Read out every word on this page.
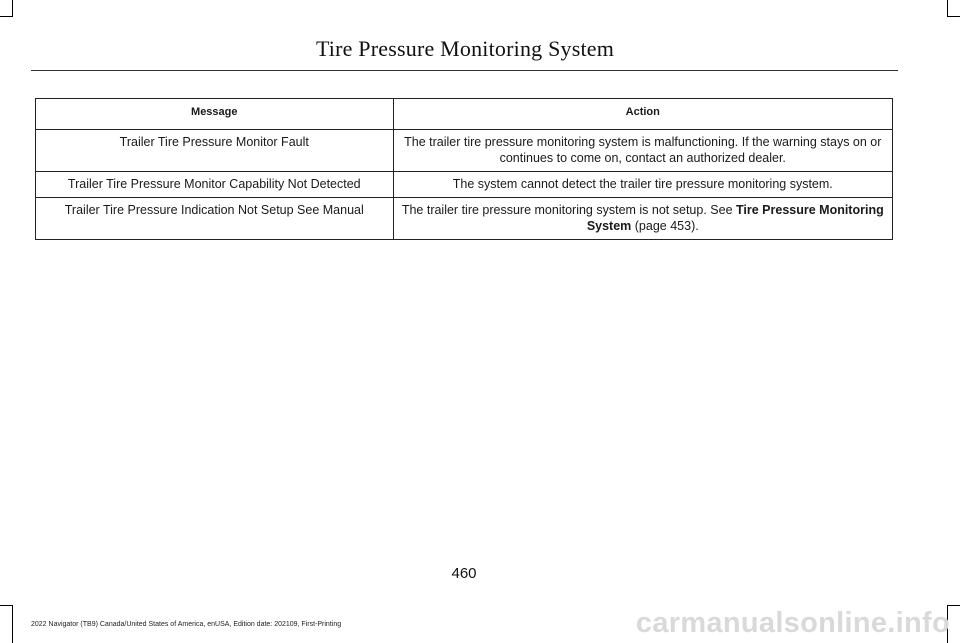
Tire Pressure Monitoring System
Message	Action
Trailer Tire Pressure Monitor Fault	The trailer tire pressure monitoring system is malfunctioning. If the warning stays on or continues to come on, contact an authorized dealer.
Trailer Tire Pressure Monitor Capability Not Detected	The system cannot detect the trailer tire pressure monitoring system.
Trailer Tire Pressure Indication Not Setup See Manual	The trailer tire pressure monitoring system is not setup. See Tire Pressure Monitoring System (page 453).
460
2022 Navigator (TB9) Canada/United States of America, enUSA, Edition date: 202109, First-Printing	carmanualsonline.info
